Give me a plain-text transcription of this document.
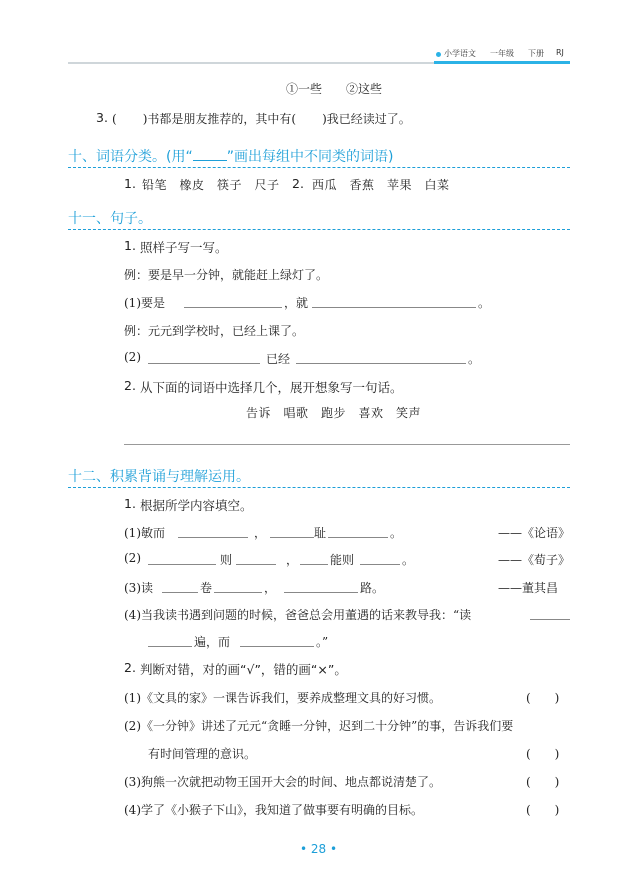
小学语文 一年级 下册 RJ
①一些　　②这些
3. ( )书都是朋友推荐的，其中有( )我已经读过了。
十、词语分类。(用“ ”画出每组中不同类的词语)
1. 铅笔　橡皮　筷子　尺子 2. 西瓜　香蕉　苹果　白菜
十一、句子。
1. 照样子写一写。
例：要是早一分钟，就能赶上绿灯了。
(1)要是	，就	。
例：元元到学校时，已经上课了。
(2)	已经	。
2. 从下面的词语中选择几个，展开想象写一句话。
告诉　唱歌　跑步　喜欢　笑声
十二、积累背诵与理解运用。
1. 根据所学内容填空。
(1)敏而	，	耻	。	——《论语》
(2)	则	，	能则	。	——《荀子》
(3)读	卷	，	路。	——董其昌
(4)当我读书遇到问题的时候，爸爸总会用董遇的话来教导我：“读
遍，而	。”
2. 判断对错，对的画“√”，错的画“×”。
(1)《文具的家》一课告诉我们，要养成整理文具的好习惯。	(　　)
(2)《一分钟》讲述了元元“贪睡一分钟，迟到二十分钟”的事，告诉我们要
有时间管理的意识。	(　　)
(3)狗熊一次就把动物王国开大会的时间、地点都说清楚了。	(　　)
(4)学了《小猴子下山》，我知道了做事要有明确的目标。	(　　)
• 28 •
